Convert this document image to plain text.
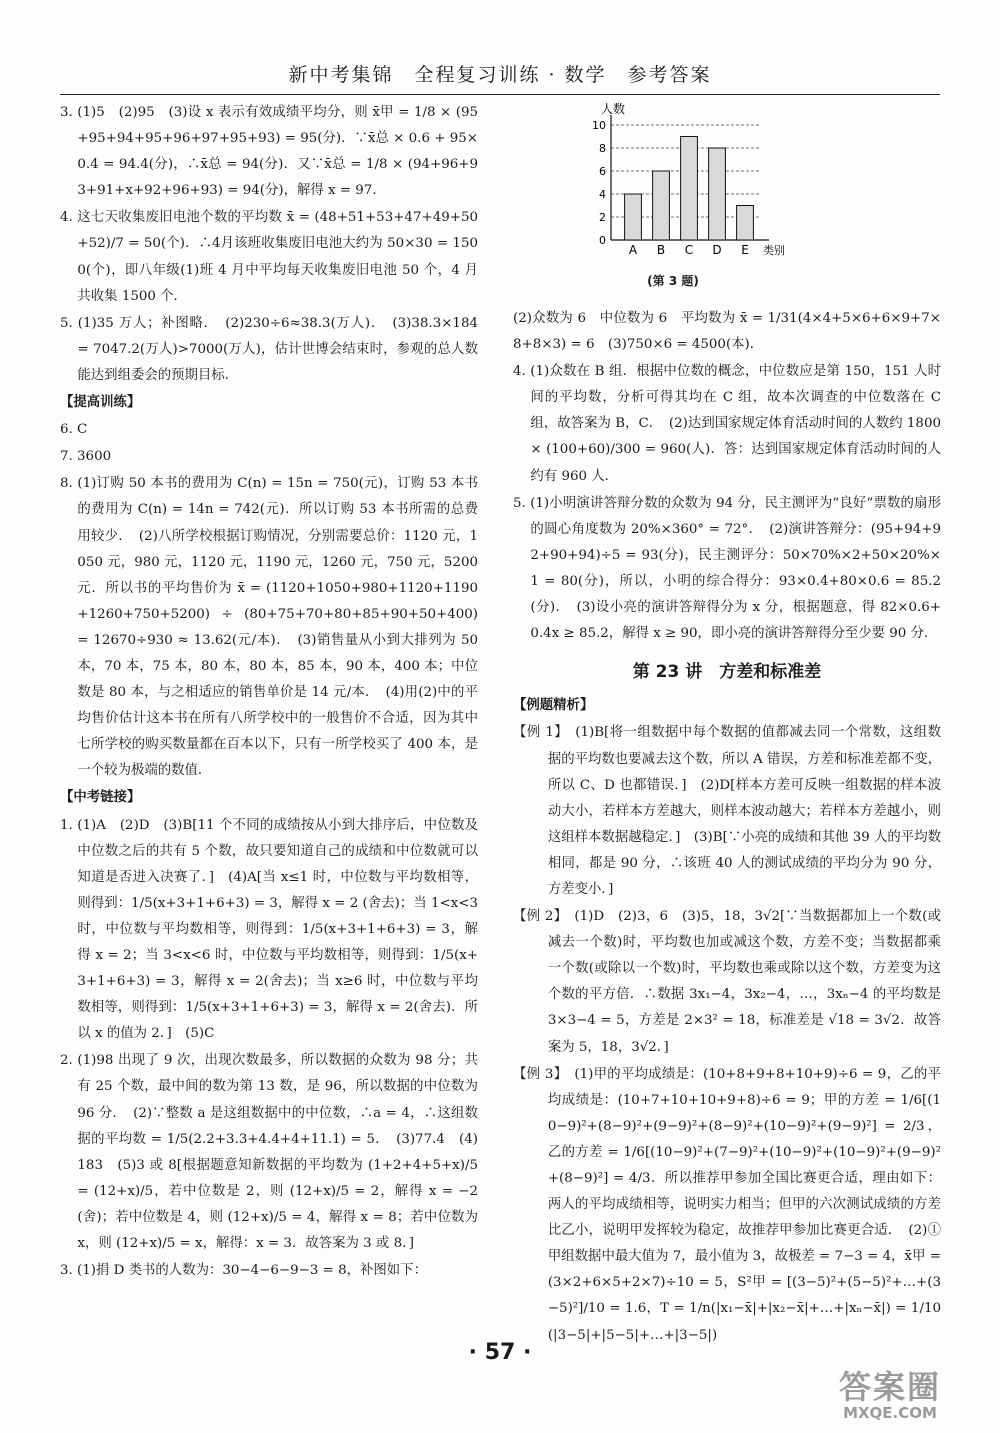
新中考集锦　全程复习训练 · 数学　参考答案

3. (1)5　(2)95　(3)设 x 表示有效成绩平均分，则 x̄甲 = 1/8 × (95+95+94+95+96+97+95+93) = 95(分)．∵x̄总 × 0.6 + 95×0.4 = 94.4(分)，∴x̄总 = 94(分)．又∵x̄总 = 1/8 × (94+96+93+91+x+92+96+93) = 94(分)，解得 x = 97．

4. 这七天收集废旧电池个数的平均数 x̄ = (48+51+53+47+49+50+52)/7 = 50(个)．∴4月该班收集废旧电池大约为 50×30 = 1500(个)，即八年级(1)班 4 月中平均每天收集废旧电池 50 个，4 月共收集 1500 个．

5. (1)35 万人；补图略．　(2)230÷6≈38.3(万人)．　(3)38.3×184 = 7047.2(万人)>7000(万人)，估计世博会结束时，参观的总人数能达到组委会的预期目标．

【提高训练】

6. C

7. 3600

8. (1)订购 50 本书的费用为 C(n) = 15n = 750(元)，订购 53 本书的费用为 C(n) = 14n = 742(元)．所以订购 53 本书所需的总费用较少．　(2)八所学校根据订购情况，分别需要总价：1120 元，1050 元，980 元，1120 元，1190 元，1260 元，750 元，5200 元．所以书的平均售价为 x̄ = (1120+1050+980+1120+1190+1260+750+5200) ÷ (80+75+70+80+85+90+50+400) = 12670÷930 ≈ 13.62(元/本)．　(3)销售量从小到大排列为 50 本，70 本，75 本，80 本，80 本，85 本，90 本，400 本；中位数是 80 本，与之相适应的销售单价是 14 元/本．　(4)用(2)中的平均售价估计这本书在所有八所学校中的一般售价不合适，因为其中七所学校的购买数量都在百本以下，只有一所学校买了 400 本，是一个较为极端的数值．

【中考链接】

1. (1)A　(2)D　(3)B[11 个不同的成绩按从小到大排序后，中位数及中位数之后的共有 5 个数，故只要知道自己的成绩和中位数就可以知道是否进入决赛了．]　(4)A[当 x≤1 时，中位数与平均数相等，则得到：1/5(x+3+1+6+3) = 3，解得 x = 2 (舍去)；当 1<x<3 时，中位数与平均数相等，则得到：1/5(x+3+1+6+3) = 3，解得 x = 2；当 3<x<6 时，中位数与平均数相等，则得到：1/5(x+3+1+6+3) = 3，解得 x = 2(舍去)；当 x≥6 时，中位数与平均数相等，则得到：1/5(x+3+1+6+3) = 3，解得 x = 2(舍去)．所以 x 的值为 2．]　(5)C

2. (1)98 出现了 9 次，出现次数最多，所以数据的众数为 98 分；共有 25 个数，最中间的数为第 13 数，是 96，所以数据的中位数为 96 分．　(2)∵整数 a 是这组数据中的中位数，∴a = 4，∴这组数据的平均数 = 1/5(2.2+3.3+4.4+4+11.1) = 5．　(3)77.4　(4)183　(5)3 或 8[根据题意知新数据的平均数为 (1+2+4+5+x)/5 = (12+x)/5，若中位数是 2，则 (12+x)/5 = 2，解得 x = −2(舍)；若中位数是 4，则 (12+x)/5 = 4，解得 x = 8；若中位数为 x，则 (12+x)/5 = x，解得：x = 3．故答案为 3 或 8．]

3. (1)捐 D 类书的人数为：30−4−6−9−3 = 8，补图如下：

0
2
4
6
8
10
人数
类别
A B C D E
(第 3 题)

(2)众数为 6　中位数为 6　平均数为 x̄ = 1/31(4×4+5×6+6×9+7×8+8×3) = 6　(3)750×6 = 4500(本)．

4. (1)众数在 B 组．根据中位数的概念，中位数应是第 150，151 人时间的平均数，分析可得其均在 C 组，故本次调查的中位数落在 C 组，故答案为 B，C．　(2)达到国家规定体育活动时间的人数约 1800 × (100+60)/300 = 960(人)．答：达到国家规定体育活动时间的人约有 960 人．

5. (1)小明演讲答辩分数的众数为 94 分，民主测评为“良好”票数的扇形的圆心角度数为 20%×360° = 72°．　(2)演讲答辩分：(95+94+92+90+94)÷5 = 93(分)，民主测评分：50×70%×2+50×20%×1 = 80(分)，所以，小明的综合得分：93×0.4+80×0.6 = 85.2(分)．　(3)设小亮的演讲答辩得分为 x 分，根据题意，得 82×0.6+0.4x ≥ 85.2，解得 x ≥ 90，即小亮的演讲答辩得分至少要 90 分．

第 23 讲　方差和标准差

【例题精析】

【例 1】　(1)B[将一组数据中每个数据的值都减去同一个常数，这组数据的平均数也要减去这个数，所以 A 错误，方差和标准差都不变，所以 C、D 也都错误．]　(2)D[样本方差可反映一组数据的样本波动大小，若样本方差越大，则样本波动越大；若样本方差越小，则这组样本数据越稳定．]　(3)B[∵小亮的成绩和其他 39 人的平均数相同，都是 90 分，∴该班 40 人的测试成绩的平均分为 90 分，方差变小．]

【例 2】　(1)D　(2)3，6　(3)5，18，3√2[∵当数据都加上一个数(或减去一个数)时，平均数也加或减这个数，方差不变；当数据都乘一个数(或除以一个数)时，平均数也乘或除以这个数，方差变为这个数的平方倍．∴数据 3x₁−4，3x₂−4，…，3xₙ−4 的平均数是 3×3−4 = 5，方差是 2×3² = 18，标准差是 √18 = 3√2．故答案为 5，18，3√2．]

【例 3】　(1)甲的平均成绩是：(10+8+9+8+10+9)÷6 = 9，乙的平均成绩是：(10+7+10+10+9+8)÷6 = 9；甲的方差 = 1/6[(10−9)²+(8−9)²+(9−9)²+(8−9)²+(10−9)²+(9−9)²] = 2/3，乙的方差 = 1/6[(10−9)²+(7−9)²+(10−9)²+(10−9)²+(9−9)²+(8−9)²] = 4/3．所以推荐甲参加全国比赛更合适，理由如下：两人的平均成绩相等，说明实力相当；但甲的六次测试成绩的方差比乙小，说明甲发挥较为稳定，故推荐甲参加比赛更合适．　(2)①甲组数据中最大值为 7，最小值为 3，故极差 = 7−3 = 4，x̄甲 = (3×2+6×5+2×7)÷10 = 5，S²甲 = [(3−5)²+(5−5)²+…+(3−5)²]/10 = 1.6，T = 1/n(|x₁−x̄|+|x₂−x̄|+…+|xₙ−x̄|) = 1/10(|3−5|+|5−5|+…+|3−5|)

· 57 ·
答案圈
MXQE.COM
